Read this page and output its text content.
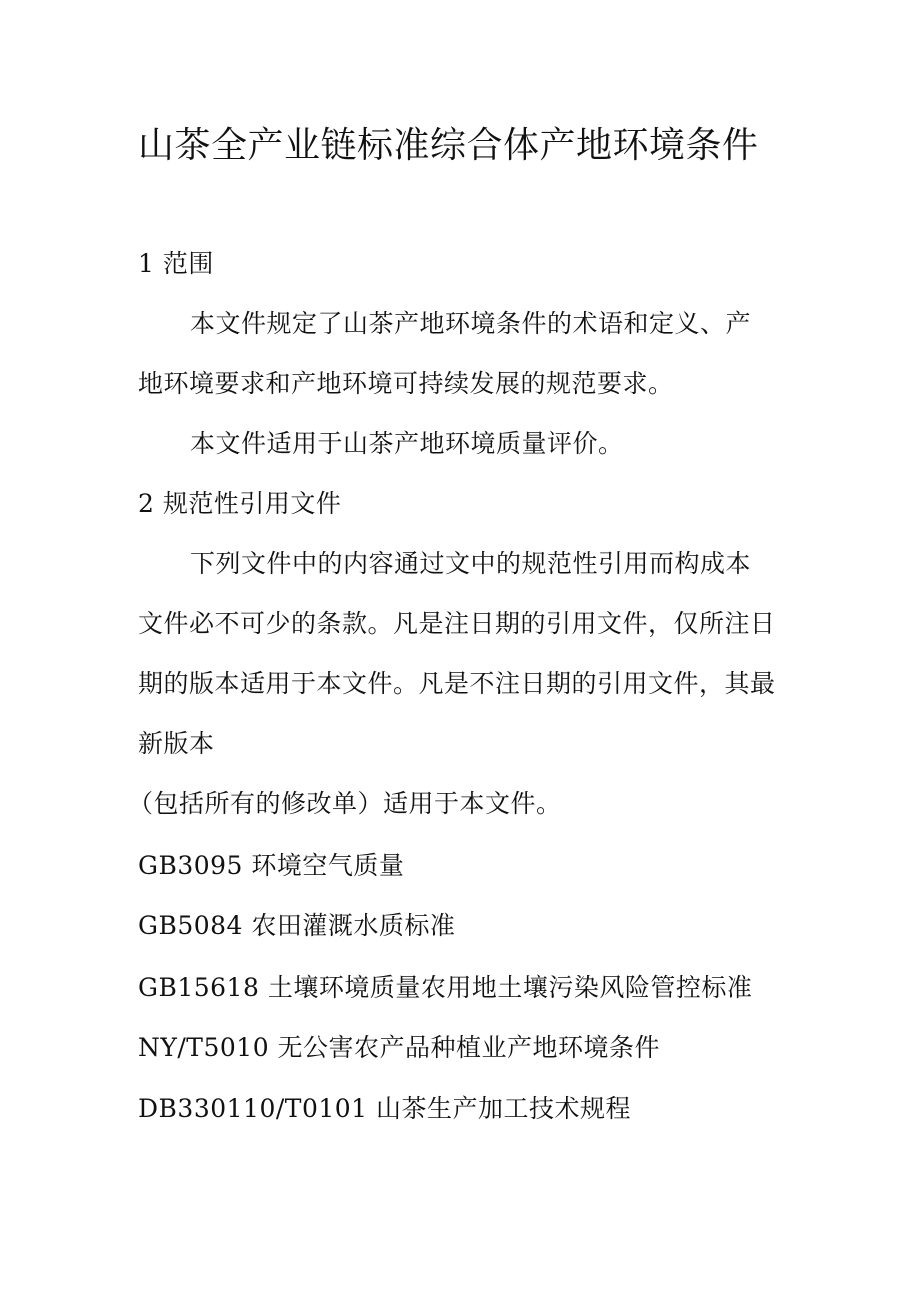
山茶全产业链标准综合体产地环境条件
1 范围
本文件规定了山茶产地环境条件的术语和定义、产
地环境要求和产地环境可持续发展的规范要求。
本文件适用于山茶产地环境质量评价。
2 规范性引用文件
下列文件中的内容通过文中的规范性引用而构成本
文件必不可少的条款。凡是注日期的引用文件，仅所注日
期的版本适用于本文件。凡是不注日期的引用文件，其最
新版本
（包括所有的修改单）适用于本文件。
GB3095 环境空气质量
GB5084 农田灌溉水质标准
GB15618 土壤环境质量农用地土壤污染风险管控标准
NY/T5010 无公害农产品种植业产地环境条件
DB330110/T0101 山茶生产加工技术规程
